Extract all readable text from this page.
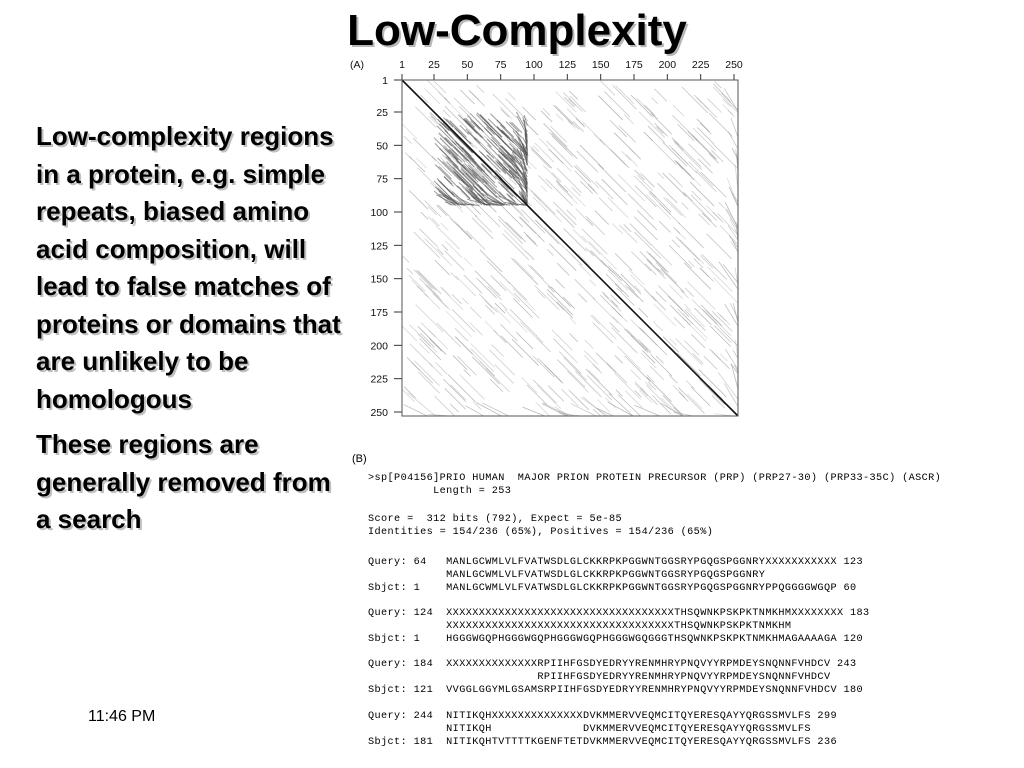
Low-Complexity
Low-complexity regions in a protein, e.g. simple repeats, biased amino acid composition, will lead to false matches of proteins or domains that are unlikely to be homologous
These regions are generally removed from a search
11:46 PM
(A)	1 25 50 75 100 125 150 175 200 225 250
1
25
50
75
100
125
150
175
200
225
250
(B)
>sp[P04156]PRIO HUMAN  MAJOR PRION PROTEIN PRECURSOR (PRP) (PRP27-30) (PRP33-35C) (ASCR)
Length = 253
Score =  312 bits (792), Expect = 5e-85
Identities = 154/236 (65%), Positives = 154/236 (65%)
Query: 64   MANLGCWMLVLFVATWSDLGLCKKRPKPGGWNTGGSRYPGQGSPGGNRYXXXXXXXXXXX 123
MANLGCWMLVLFVATWSDLGLCKKRPKPGGWNTGGSRYPGQGSPGGNRY
Sbjct: 1    MANLGCWMLVLFVATWSDLGLCKKRPKPGGWNTGGSRYPGQGSPGGNRYPPQGGGGWGQP 60
Query: 124  XXXXXXXXXXXXXXXXXXXXXXXXXXXXXXXXXXXTHSQWNKPSKPKTNMKHMXXXXXXXX 183
XXXXXXXXXXXXXXXXXXXXXXXXXXXXXXXXXXXTHSQWNKPSKPKTNMKHM
Sbjct: 1    HGGGWGQPHGGGWGQPHGGGWGQPHGGGWGQGGGTHSQWNKPSKPKTNMKHMAGAAAAGA 120
Query: 184  XXXXXXXXXXXXXXRPIIHFGSDYEDRYYRENMHRYPNQVYYRPMDEYSNQNNFVHDCV 243
RPIIHFGSDYEDRYYRENMHRYPNQVYYRPMDEYSNQNNFVHDCV
Sbjct: 121  VVGGLGGYMLGSAMSRPIIHFGSDYEDRYYRENMHRYPNQVYYRPMDEYSNQNNFVHDCV 180
Query: 244  NITIKQHXXXXXXXXXXXXXXDVKMMERVVEQMCITQYERESQAYYQRGSSMVLFS 299
NITIKQH              DVKMMERVVEQMCITQYERESQAYYQRGSSMVLFS
Sbjct: 181  NITIKQHTVTTTTKGENFTETDVKMMERVVEQMCITQYERESQAYYQRGSSMVLFS 236
